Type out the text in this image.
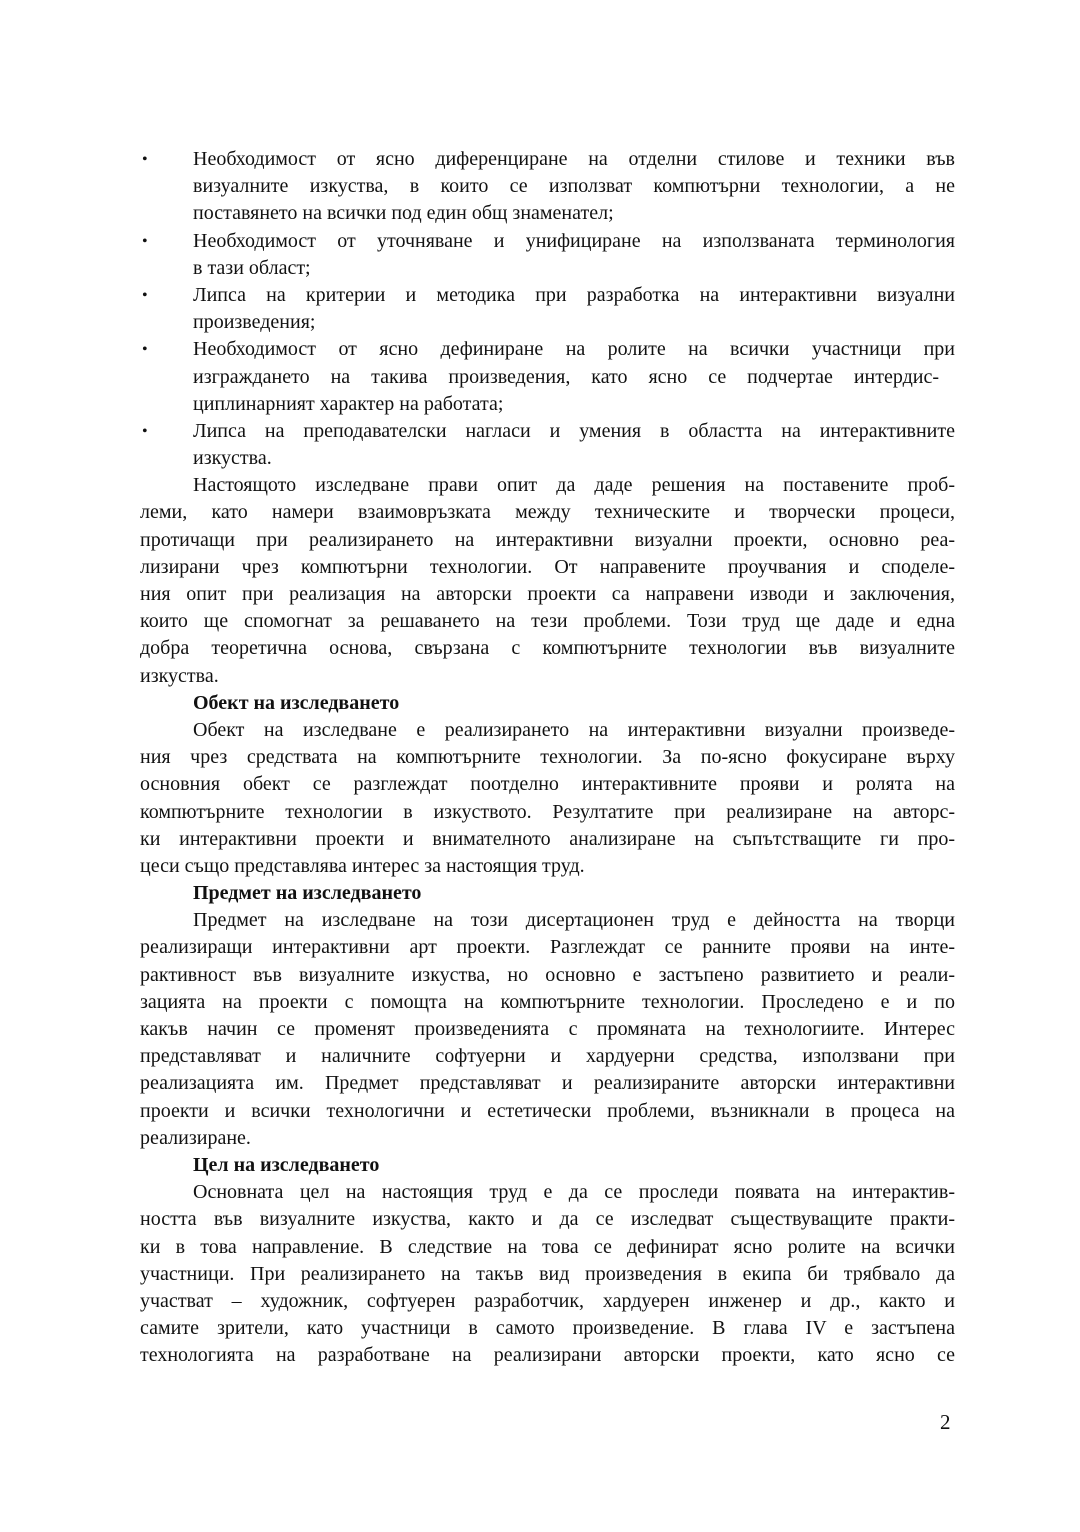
• Необходимост от ясно диференциране на отделни стилове и техники във
визуалните изкуства, в които се използват компютърни технологии, а не
поставянето на всички под един общ знаменател;
• Необходимост от уточняване и унифициране на използваната терминология
в тази област;
• Липса на критерии и методика при разработка на интерактивни визуални
произведения;
• Необходимост от ясно дефиниране на ролите на всички участници при
изграждането на такива произведения, като ясно се подчертае интердис-
циплинарният характер на работата;
• Липса на преподавателски нагласи и умения в областта на интерактивните
изкуства.
Настоящото изследване прави опит да даде решения на поставените проб-
леми, като намери взаимовръзката между техническите и творчески процеси,
протичащи при реализирането на интерактивни визуални проекти, основно реа-
лизирани чрез компютърни технологии. От направените проучвания и споделе-
ния опит при реализация на авторски проекти са направени изводи и заключения,
които ще спомогнат за решаването на тези проблеми. Този труд ще даде и една
добра теоретична основа, свързана с компютърните технологии във визуалните
изкуства.
Обект на изследването
Обект на изследване е реализирането на интерактивни визуални произведе-
ния чрез средствата на компютърните технологии. За по-ясно фокусиране върху
основния обект се разглеждат поотделно интерактивните прояви и ролята на
компютърните технологии в изкуството. Резултатите при реализиране на авторс-
ки интерактивни проекти и внимателното анализиране на съпътстващите ги про-
цеси също представлява интерес за настоящия труд.
Предмет на изследването
Предмет на изследване на този дисертационен труд е дейността на творци
реализиращи интерактивни арт проекти. Разглеждат се ранните прояви на инте-
рактивност във визуалните изкуства, но основно е застъпено развитието и реали-
зацията на проекти с помощта на компютърните технологии. Проследено е и по
какъв начин се променят произведенията с промяната на технологиите. Интерес
представляват и наличните софтуерни и хардуерни средства, използвани при
реализацията им. Предмет представляват и реализираните авторски интерактивни
проекти и всички технологични и естетически проблеми, възникнали в процеса на
реализиране.
Цел на изследването
Основната цел на настоящия труд е да се проследи появата на интерактив-
ността във визуалните изкуства, както и да се изследват съществуващите практи-
ки в това направление. В следствие на това се дефинират ясно ролите на всички
участници. При реализирането на такъв вид произведения в екипа би трябвало да
участват – художник, софтуерен разработчик, хардуерен инженер и др., както и
самите зрители, като участници в самото произведение. В глава IV е застъпена
технологията на разработване на реализирани авторски проекти, като ясно се
2
